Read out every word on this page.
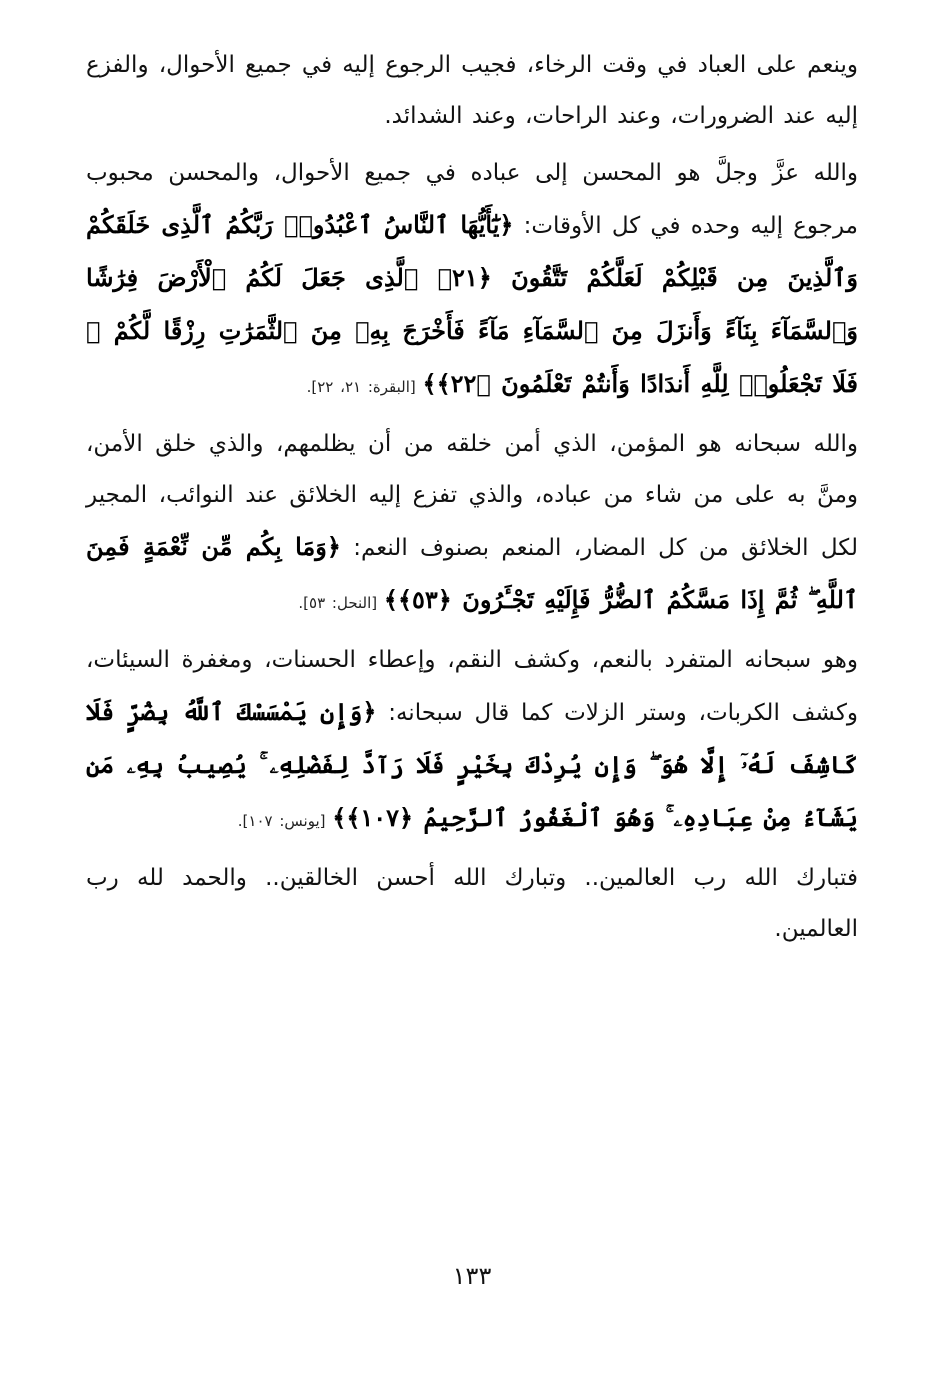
وينعم على العباد في وقت الرخاء، فجيب الرجوع إليه في جميع الأحوال، والفزع إليه عند الضرورات، وعند الراحات، وعند الشدائد.

والله عزَّ وجلَّ هو المحسن إلى عباده في جميع الأحوال، والمحسن محبوب مرجوع إليه وحده في كل الأوقات: ﴿يَٰٓأَيُّهَا ٱلنَّاسُ ٱعْبُدُوا۟ رَبَّكُمُ ٱلَّذِى خَلَقَكُمْ وَٱلَّذِينَ مِن قَبْلِكُمْ لَعَلَّكُمْ تَتَّقُونَ ﴿٢١﴾ ٱلَّذِى جَعَلَ لَكُمُ ٱلْأَرْضَ فِرَٰشًا وَٱلسَّمَآءَ بِنَآءً وَأَنزَلَ مِنَ ٱلسَّمَآءِ مَآءً فَأَخْرَجَ بِهِۦ مِنَ ٱلثَّمَرَٰتِ رِزْقًا لَّكُمْ ۖ فَلَا تَجْعَلُوا۟ لِلَّهِ أَندَادًا وَأَنتُمْ تَعْلَمُونَ ﴿٢٢﴾﴾ [البقرة: ٢١، ٢٢].

والله سبحانه هو المؤمن، الذي أمن خلقه من أن يظلمهم، والذي خلق الأمن، ومنَّ به على من شاء من عباده، والذي تفزع إليه الخلائق عند النوائب، المجير لكل الخلائق من كل المضار، المنعم بصنوف النعم: ﴿وَمَا بِكُم مِّن نِّعْمَةٍ فَمِنَ ٱللَّهِ ۖ ثُمَّ إِذَا مَسَّكُمُ ٱلضُّرُّ فَإِلَيْهِ تَجْـَٔرُونَ ﴿٥٣﴾﴾ [النحل: ٥٣].

وهو سبحانه المتفرد بالنعم، وكشف النقم، وإعطاء الحسنات، ومغفرة السيئات، وكشف الكربات، وستر الزلات كما قال سبحانه: ﴿وَإِن يَمْسَسْكَ ٱللَّهُ بِضُرٍّ فَلَا كَاشِفَ لَهُۥٓ إِلَّا هُوَ ۖ وَإِن يُرِدْكَ بِخَيْرٍ فَلَا رَآدَّ لِفَضْلِهِۦ ۚ يُصِيبُ بِهِۦ مَن يَشَآءُ مِنْ عِبَادِهِۦ ۚ وَهُوَ ٱلْغَفُورُ ٱلرَّحِيمُ ﴿١٠٧﴾﴾ [يونس: ١٠٧].

فتبارك الله رب العالمين.. وتبارك الله أحسن الخالقين.. والحمد لله رب العالمين.

١٣٣
